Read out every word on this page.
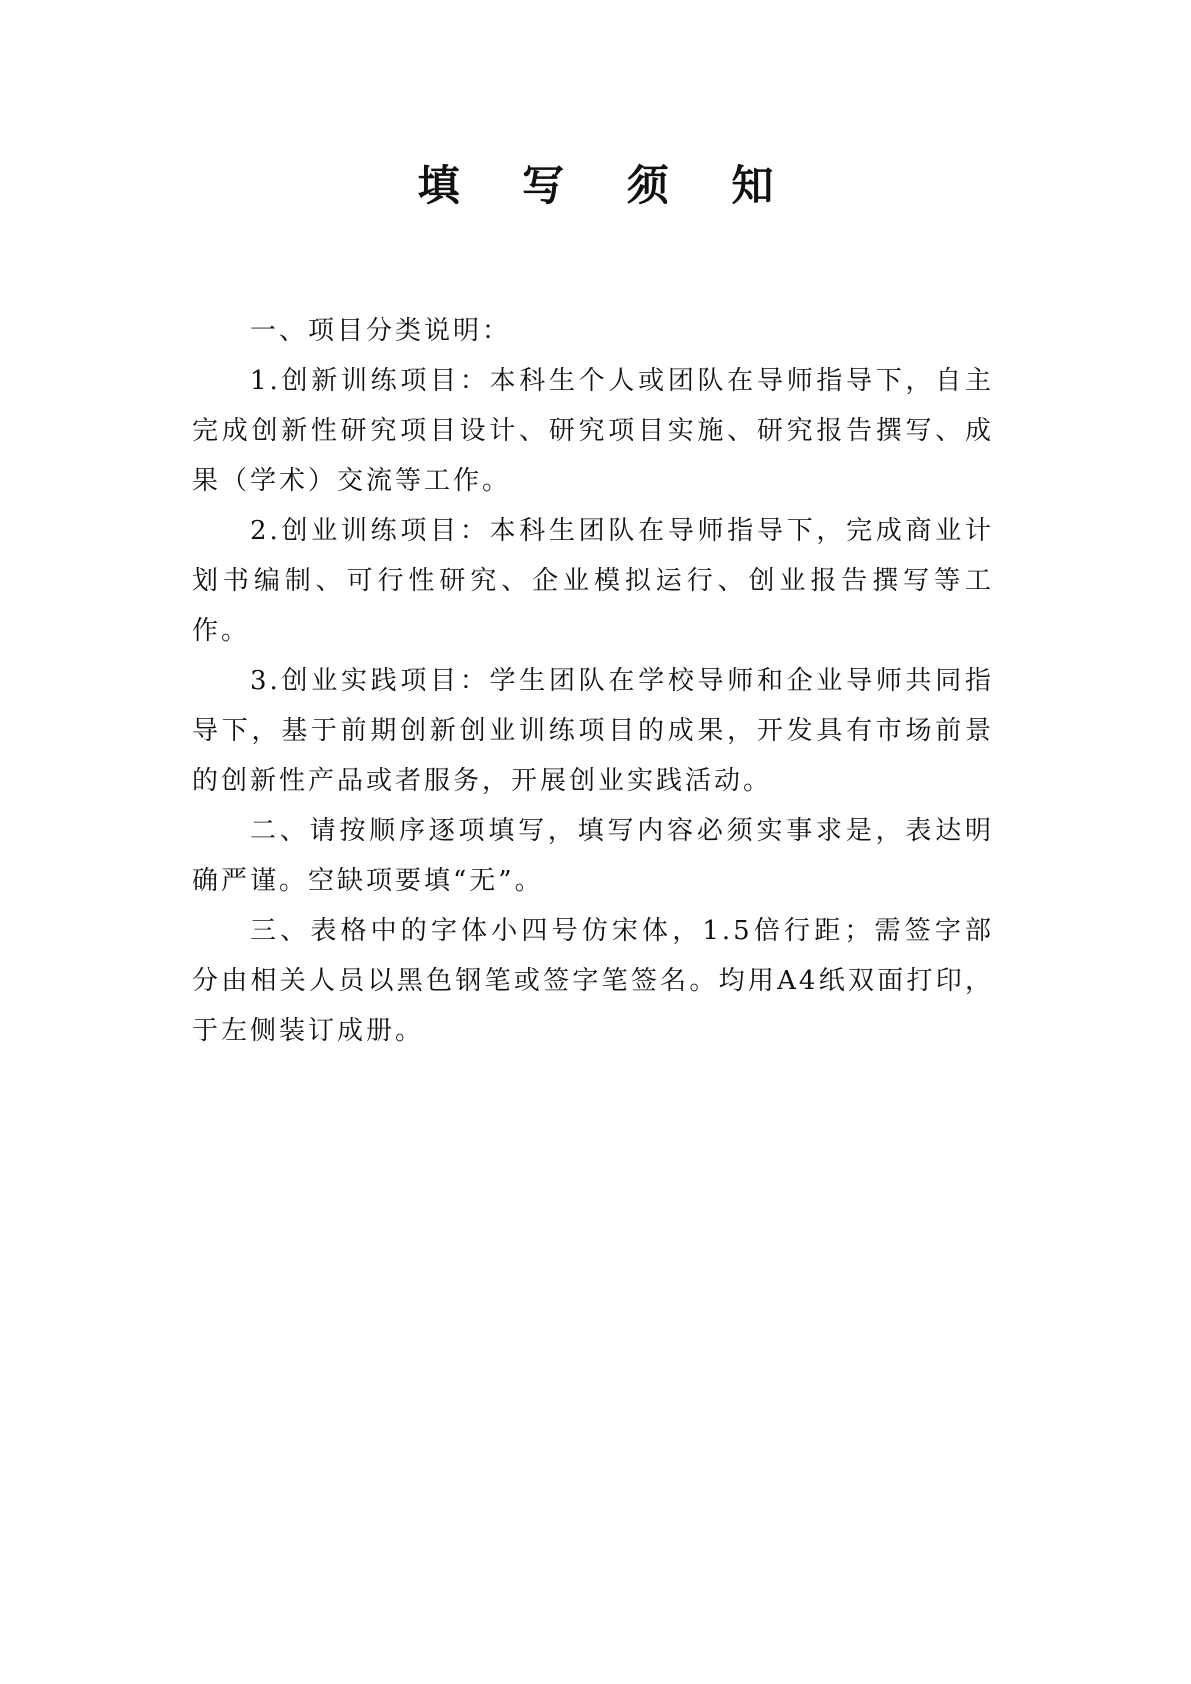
填 写 须 知

一、项目分类说明：

1.创新训练项目：本科生个人或团队在导师指导下，自主完成创新性研究项目设计、研究项目实施、研究报告撰写、成果（学术）交流等工作。

2.创业训练项目：本科生团队在导师指导下，完成商业计划书编制、可行性研究、企业模拟运行、创业报告撰写等工作。

3.创业实践项目：学生团队在学校导师和企业导师共同指导下，基于前期创新创业训练项目的成果，开发具有市场前景的创新性产品或者服务，开展创业实践活动。

二、请按顺序逐项填写，填写内容必须实事求是，表达明确严谨。空缺项要填“无”。

三、表格中的字体小四号仿宋体，1.5倍行距；需签字部分由相关人员以黑色钢笔或签字笔签名。均用A4纸双面打印，于左侧装订成册。
